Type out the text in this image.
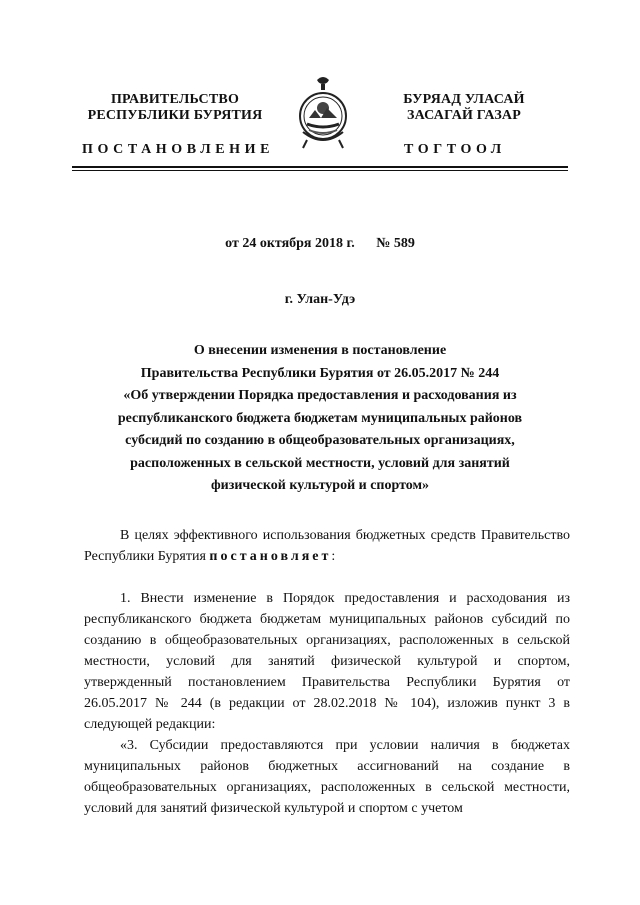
ПРАВИТЕЛЬСТВО
РЕСПУБЛИКИ БУРЯТИЯ
БУРЯАД УЛАСАЙ
ЗАСАГАЙ ГАЗАР
ПОСТАНОВЛЕНИЕ	ТОГТООЛ
от 24 октября 2018 г. № 589
г. Улан-Удэ
О внесении изменения в постановление
Правительства Республики Бурятия от 26.05.2017 № 244
«Об утверждении Порядка предоставления и расходования из
республиканского бюджета бюджетам муниципальных районов
субсидий по созданию в общеобразовательных организациях,
расположенных в сельской местности, условий для занятий
физической культурой и спортом»

В целях эффективного использования бюджетных средств Правительство Республики Бурятия постановляет:

1. Внести изменение в Порядок предоставления и расходования из республиканского бюджета бюджетам муниципальных районов субсидий по созданию в общеобразовательных организациях, расположенных в сельской местности, условий для занятий физической культурой и спортом, утвержденный постановлением Правительства Республики Бурятия от 26.05.2017 № 244 (в редакции от 28.02.2018 № 104), изложив пункт 3 в следующей редакции:

«3. Субсидии предоставляются при условии наличия в бюджетах муниципальных районов бюджетных ассигнований на создание в общеобразовательных организациях, расположенных в сельской местности, условий для занятий физической культурой и спортом с учетом
